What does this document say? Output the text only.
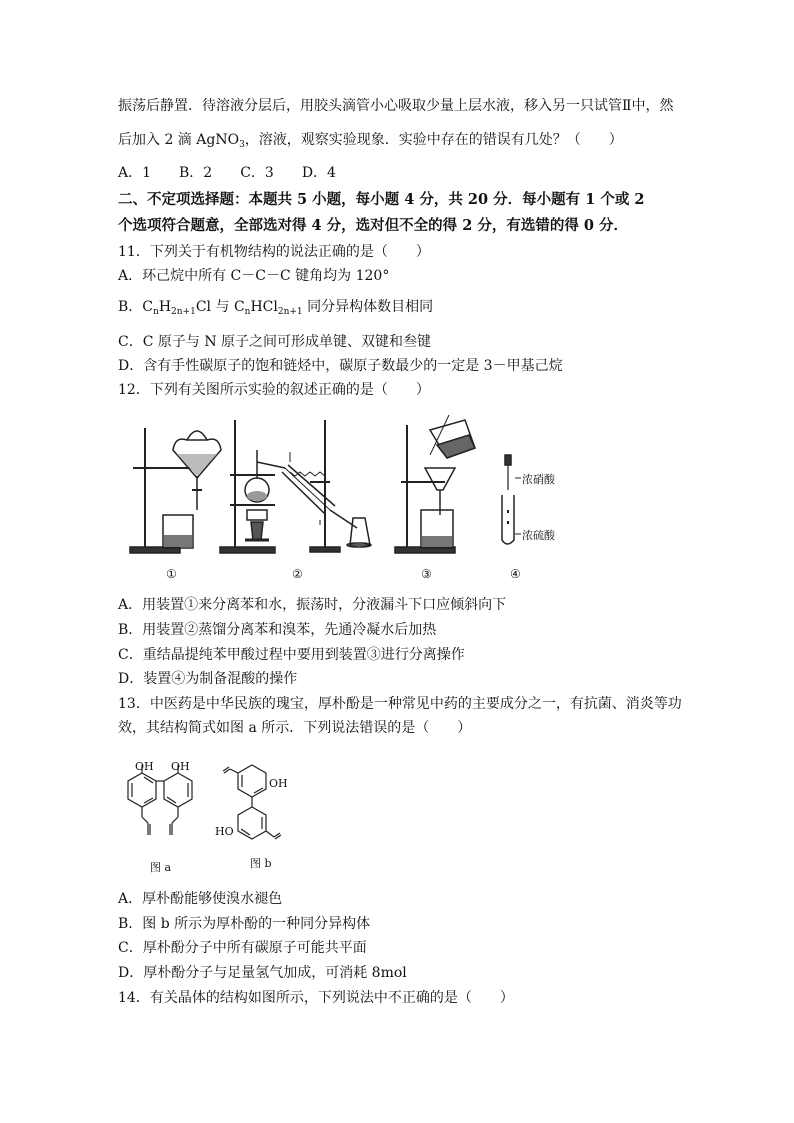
振荡后静置．待溶液分层后，用胶头滴管小心吸取少量上层水液，移入另一只试管Ⅱ中，然
后加入 2 滴 AgNO$_3$，溶液，观察实验现象．实验中存在的错误有几处？（　　）
A．1　　B．2　　C．3　　D．4
二、不定项选择题：本题共 5 小题，每小题 4 分，共 20 分．每小题有 1 个或 2
个选项符合题意，全部选对得 4 分，选对但不全的得 2 分，有选错的得 0 分．
11．下列关于有机物结构的说法正确的是（　　）
A．环己烷中所有 C－C－C 键角均为 120°
B．$C_nH_{2n+1}Cl$ 与 $C_nHCl_{2n+1}$ 同分异构体数目相同
C．C 原子与 N 原子之间可形成单键、双键和叁键
D．含有手性碳原子的饱和链烃中，碳原子数最少的一定是 3－甲基己烷
12．下列有关图所示实验的叙述正确的是（　　）
浓硝酸
浓硫酸
①	②	③	④
A．用装置①来分离苯和水，振荡时，分液漏斗下口应倾斜向下
B．用装置②蒸馏分离苯和溴苯，先通冷凝水后加热
C．重结晶提纯苯甲酸过程中要用到装置③进行分离操作
D．装置④为制备混酸的操作
13．中医药是中华民族的瑰宝，厚朴酚是一种常见中药的主要成分之一，有抗菌、消炎等功
效，其结构简式如图 a 所示．下列说法错误的是（　　）
OH OH
OH
HO
图 a	图 b
A．厚朴酚能够使溴水褪色
B．图 b 所示为厚朴酚的一种同分异构体
C．厚朴酚分子中所有碳原子可能共平面
D．厚朴酚分子与足量氢气加成，可消耗 8mol
14．有关晶体的结构如图所示，下列说法中不正确的是（　　）
